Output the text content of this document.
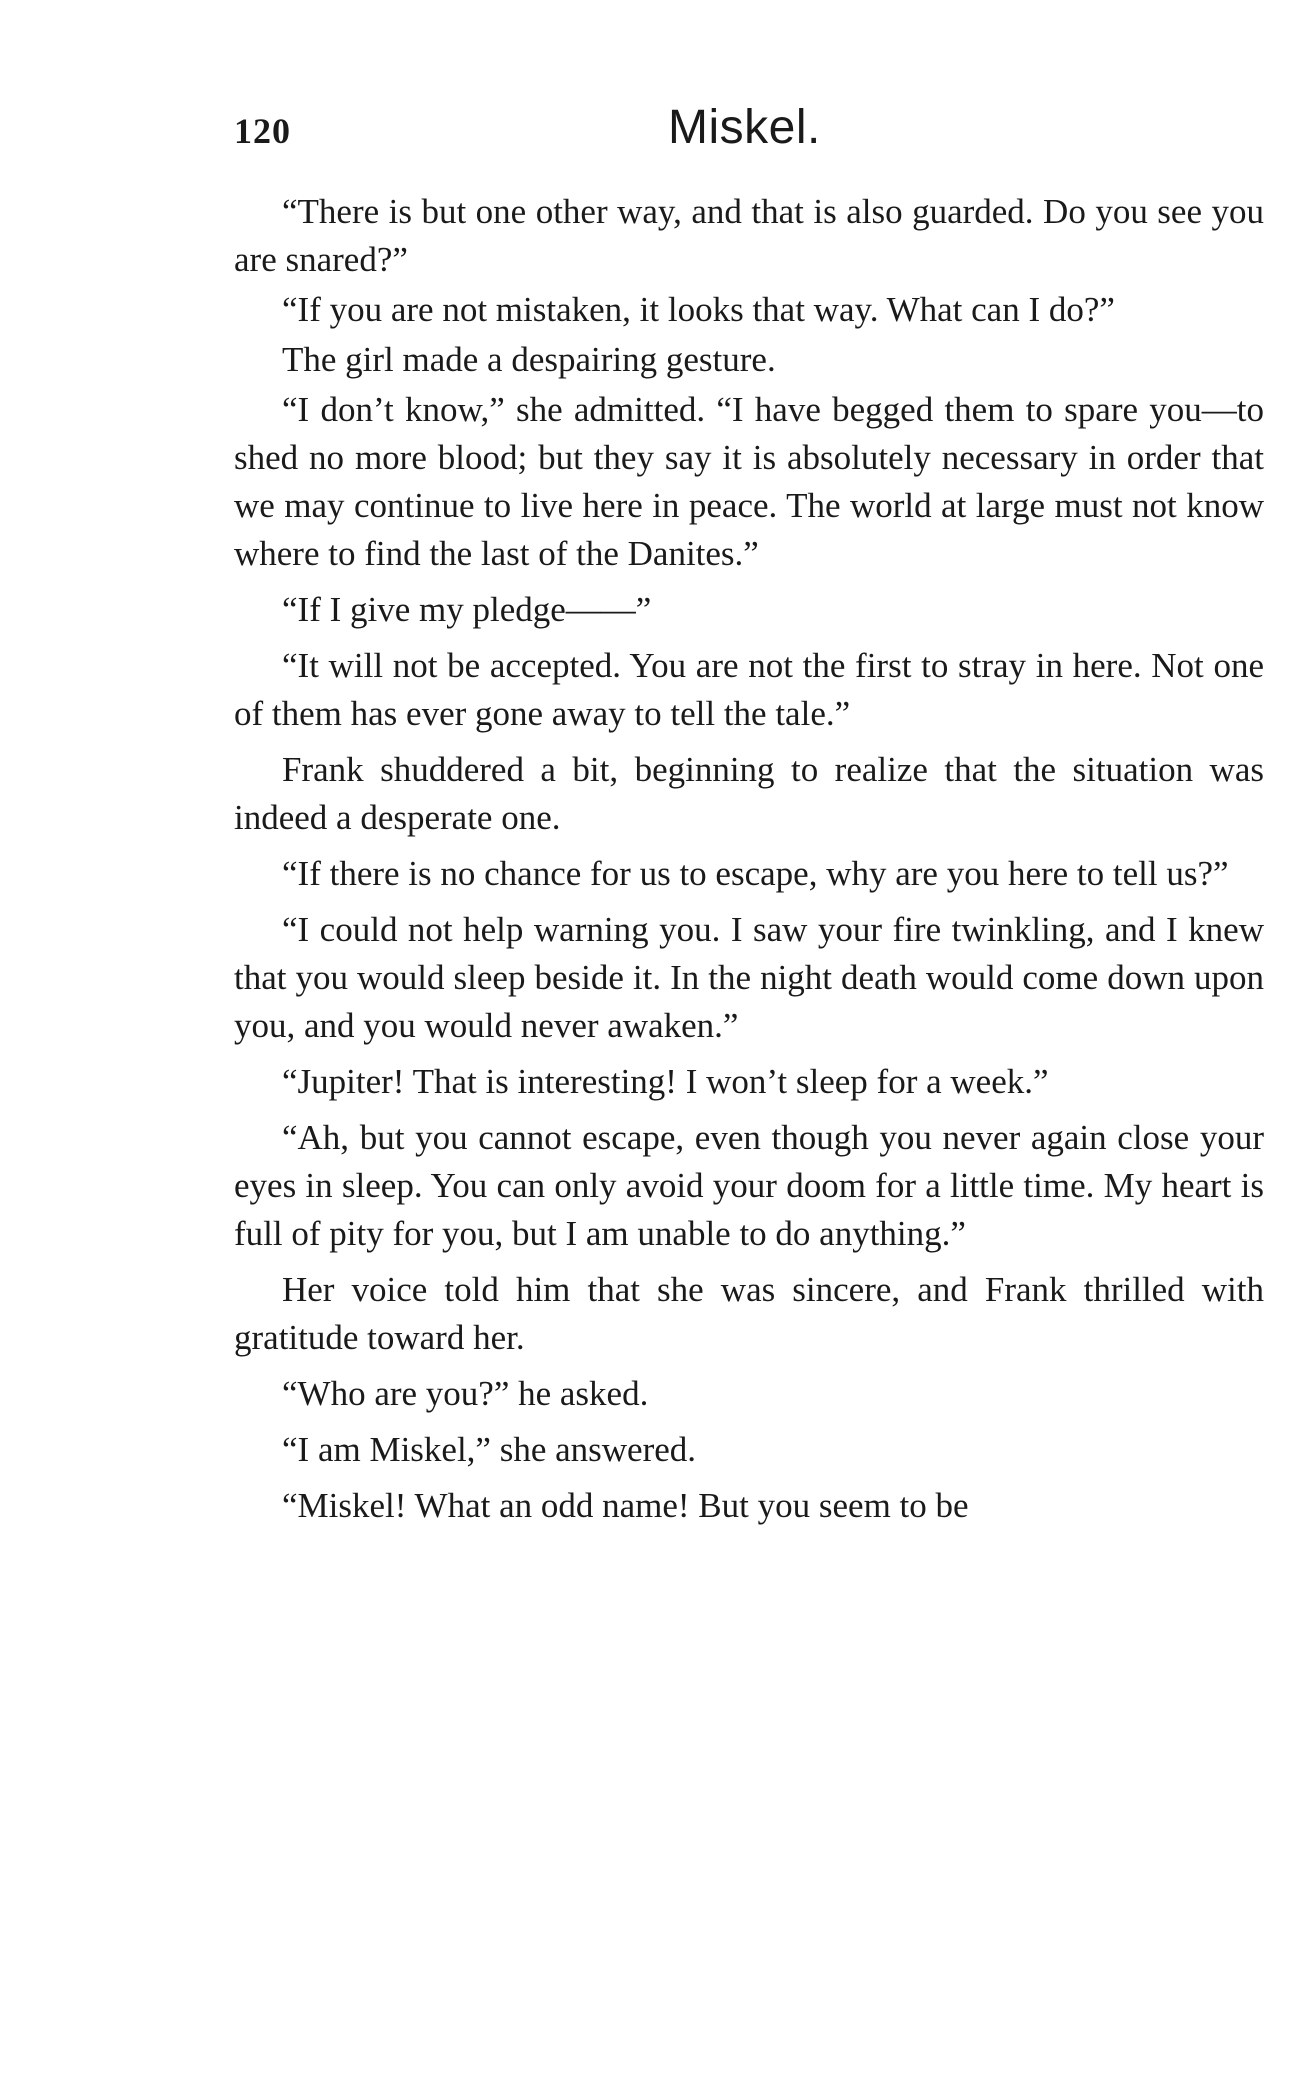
120	Miskel.

“There is but one other way, and that is also guarded. Do you see you are snared?”

“If you are not mistaken, it looks that way. What can I do?”

The girl made a despairing gesture.

“I don’t know,” she admitted. “I have begged them to spare you—to shed no more blood; but they say it is absolutely necessary in order that we may continue to live here in peace. The world at large must not know where to find the last of the Danites.”

“If I give my pledge——”

“It will not be accepted. You are not the first to stray in here. Not one of them has ever gone away to tell the tale.”

Frank shuddered a bit, beginning to realize that the situation was indeed a desperate one.

“If there is no chance for us to escape, why are you here to tell us?”

“I could not help warning you. I saw your fire twinkling, and I knew that you would sleep beside it. In the night death would come down upon you, and you would never awaken.”

“Jupiter! That is interesting! I won’t sleep for a week.”

“Ah, but you cannot escape, even though you never again close your eyes in sleep. You can only avoid your doom for a little time. My heart is full of pity for you, but I am unable to do anything.”

Her voice told him that she was sincere, and Frank thrilled with gratitude toward her.

“Who are you?” he asked.

“I am Miskel,” she answered.

“Miskel! What an odd name! But you seem to be
